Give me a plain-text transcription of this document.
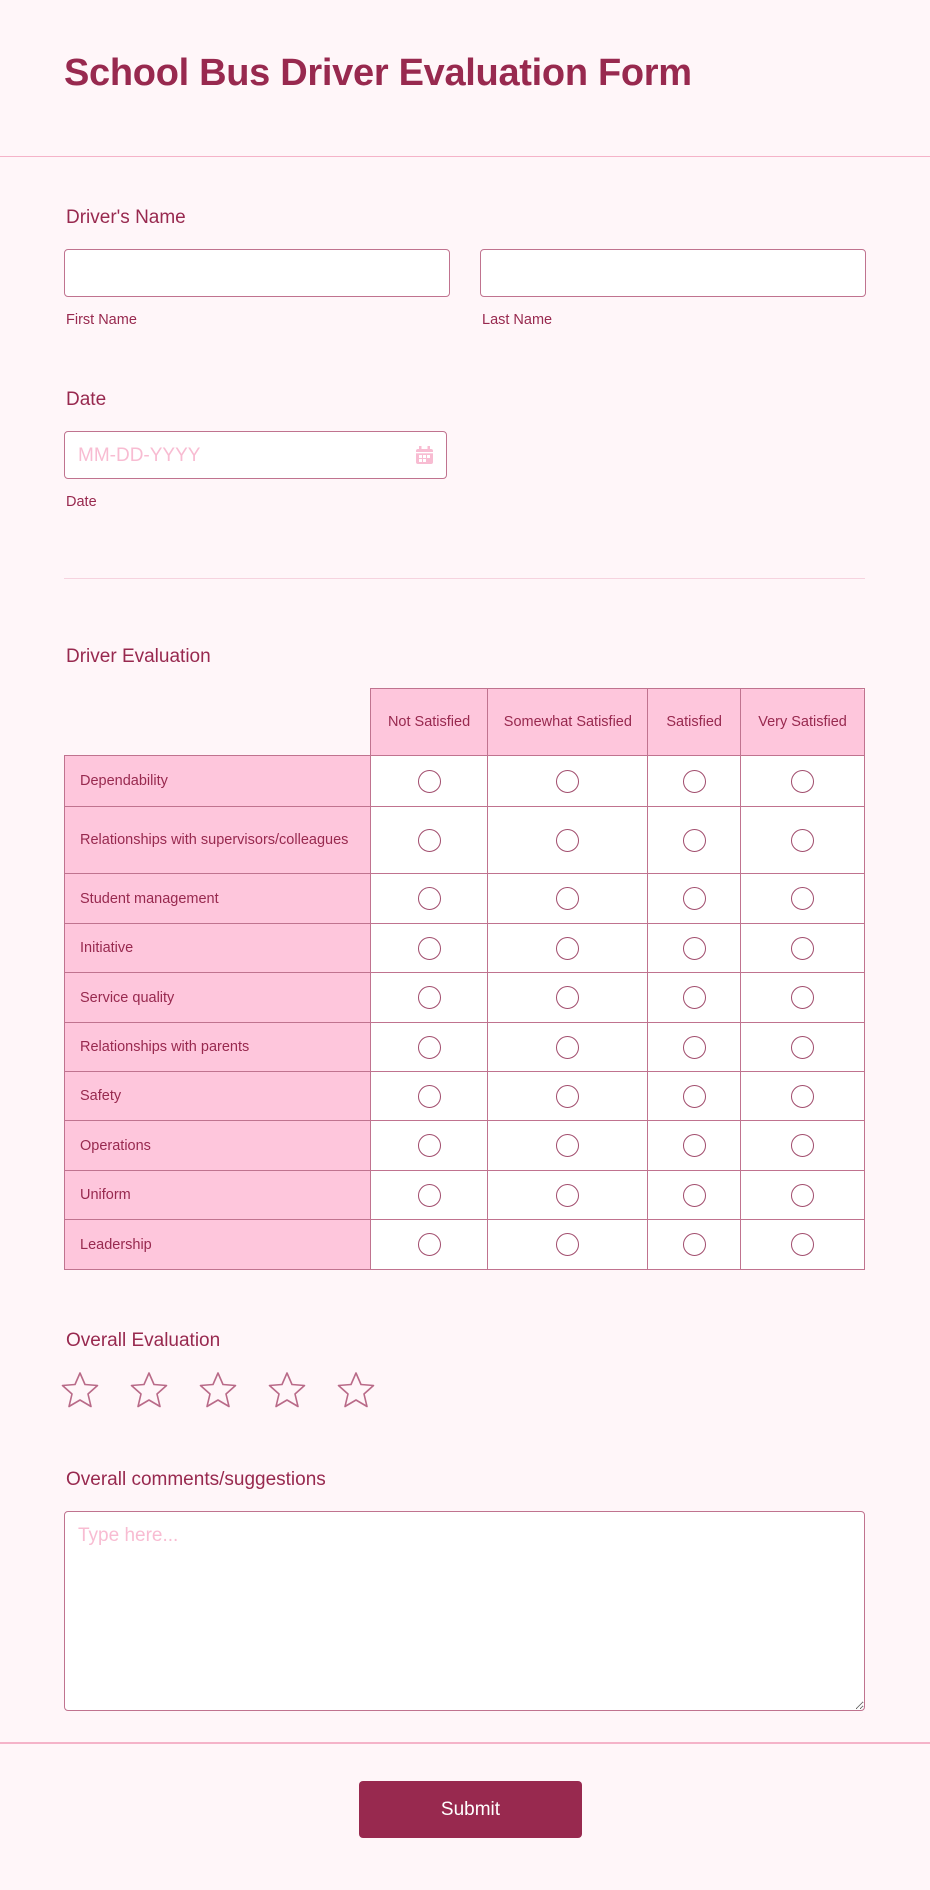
School Bus Driver Evaluation Form
Driver's Name
First Name	Last Name
Date
MM-DD-YYYY
Date
Driver Evaluation
	Not Satisfied	Somewhat Satisfied	Satisfied	Very Satisfied
Dependability				
Relationships with supervisors/colleagues				
Student management				
Initiative				
Service quality				
Relationships with parents				
Safety				
Operations				
Uniform				
Leadership				
Overall Evaluation
Overall comments/suggestions
Type here...
Submit
